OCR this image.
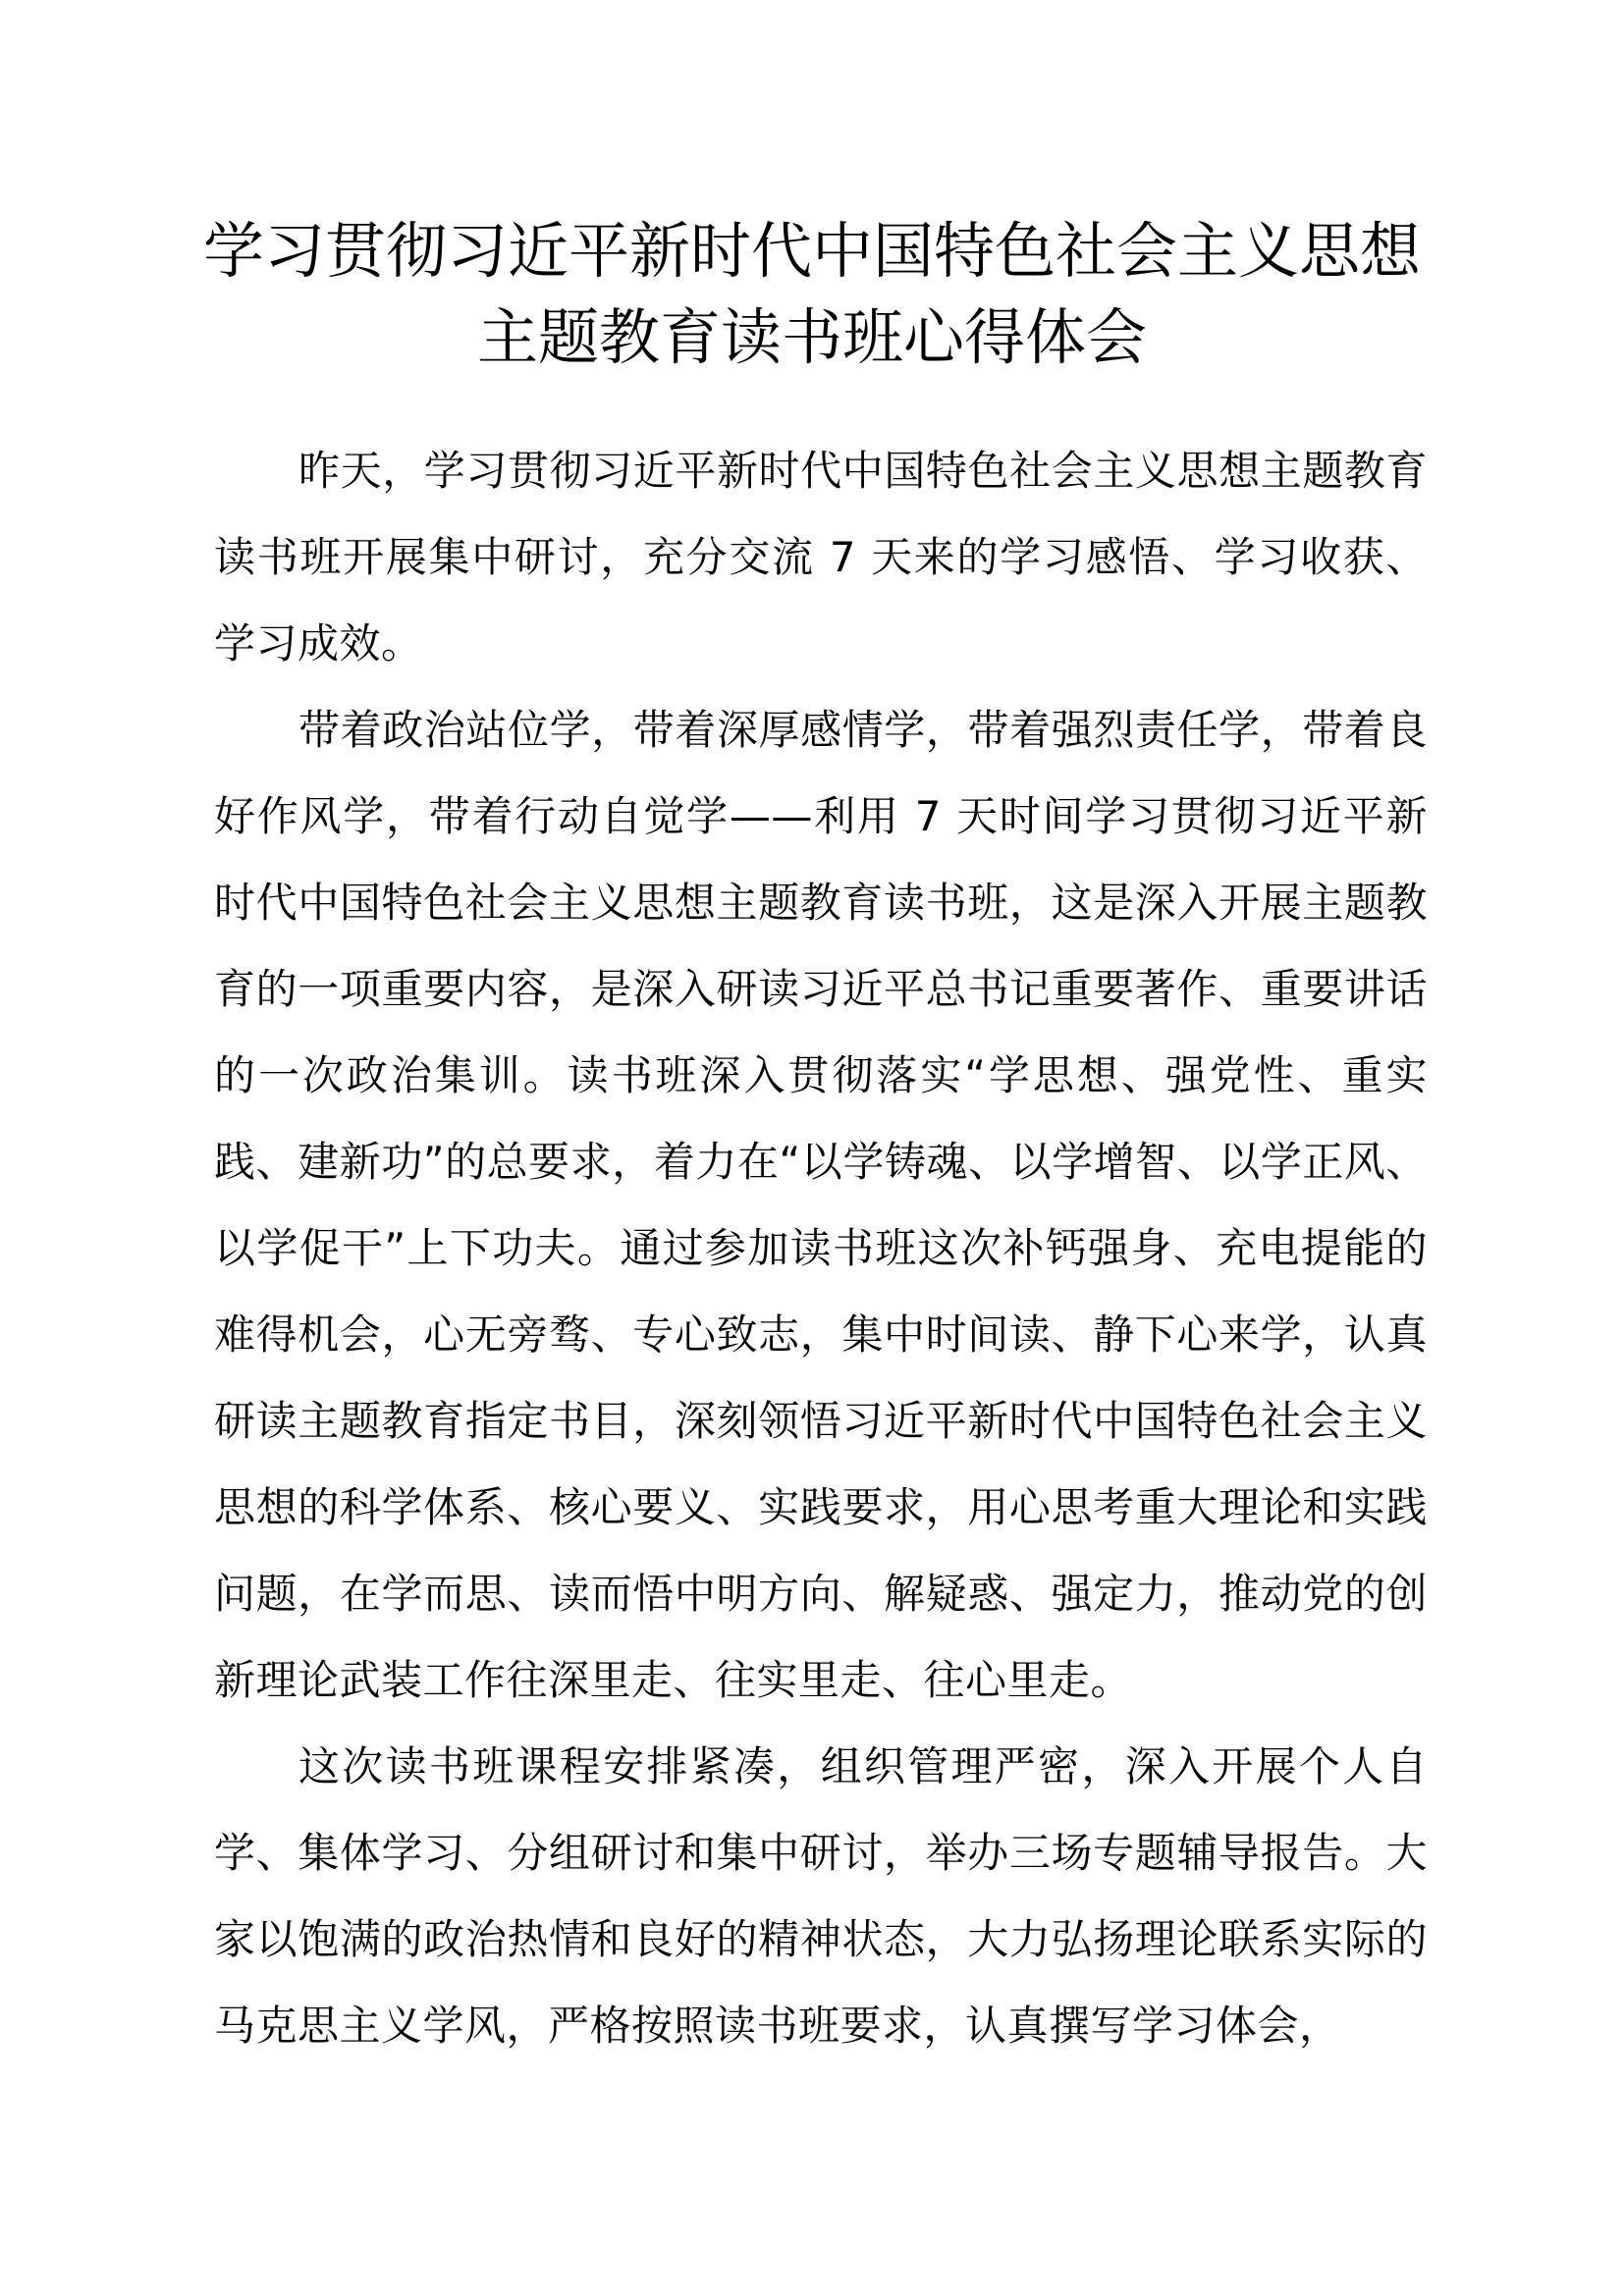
学习贯彻习近平新时代中国特色社会主义思想主题教育读书班心得体会

昨天，学习贯彻习近平新时代中国特色社会主义思想主题教育读书班开展集中研讨，充分交流 7 天来的学习感悟、学习收获、学习成效。

带着政治站位学，带着深厚感情学，带着强烈责任学，带着良好作风学，带着行动自觉学——利用 7 天时间学习贯彻习近平新时代中国特色社会主义思想主题教育读书班，这是深入开展主题教育的一项重要内容，是深入研读习近平总书记重要著作、重要讲话的一次政治集训。读书班深入贯彻落实“学思想、强党性、重实践、建新功”的总要求，着力在“以学铸魂、以学增智、以学正风、以学促干”上下功夫。通过参加读书班这次补钙强身、充电提能的难得机会，心无旁骛、专心致志，集中时间读、静下心来学，认真研读主题教育指定书目，深刻领悟习近平新时代中国特色社会主义思想的科学体系、核心要义、实践要求，用心思考重大理论和实践问题，在学而思、读而悟中明方向、解疑惑、强定力，推动党的创新理论武装工作往深里走、往实里走、往心里走。

这次读书班课程安排紧凑，组织管理严密，深入开展个人自学、集体学习、分组研讨和集中研讨，举办三场专题辅导报告。大家以饱满的政治热情和良好的精神状态，大力弘扬理论联系实际的马克思主义学风，严格按照读书班要求，认真撰写学习体会，
